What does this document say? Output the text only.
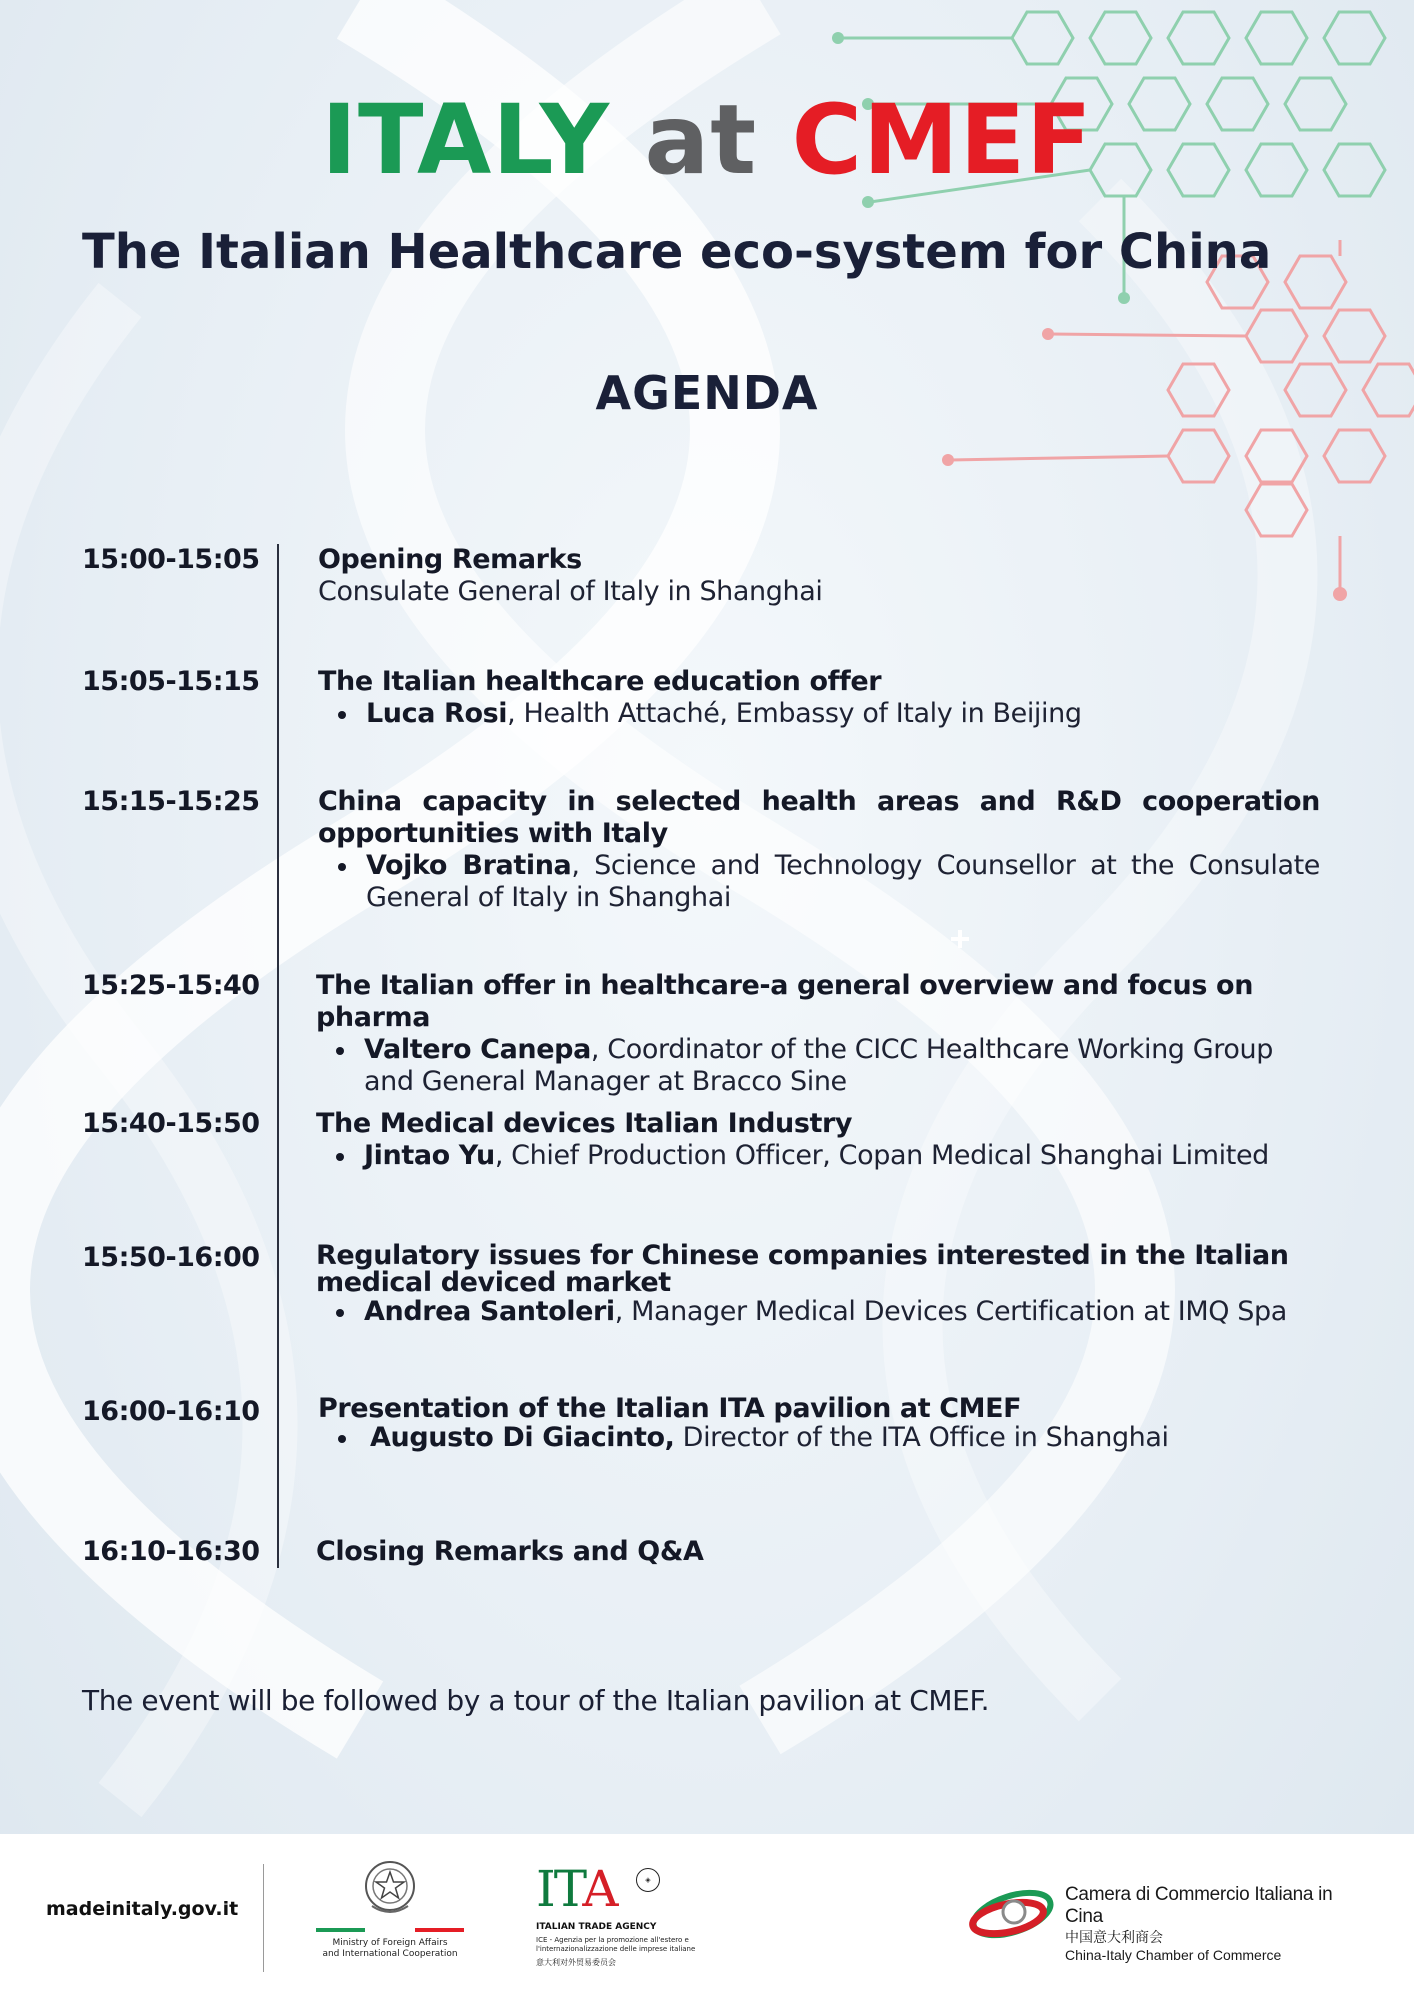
ITALY at CMEF
The Italian Healthcare eco-system for China
AGENDA
15:00-15:05 Opening Remarks
Consulate General of Italy in Shanghai
15:05-15:15 The Italian healthcare education offer
Luca Rosi, Health Attaché, Embassy of Italy in Beijing
15:15-15:25 China capacity in selected health areas and R&D cooperation opportunities with Italy
Vojko Bratina, Science and Technology Counsellor at the Consulate General of Italy in Shanghai
15:25-15:40 The Italian offer in healthcare-a general overview and focus on pharma
Valtero Canepa, Coordinator of the CICC Healthcare Working Group and General Manager at Bracco Sine
15:40-15:50 The Medical devices Italian Industry
Jintao Yu, Chief Production Officer, Copan Medical Shanghai Limited
15:50-16:00 Regulatory issues for Chinese companies interested in the Italian medical deviced market
Andrea Santoleri, Manager Medical Devices Certification at IMQ Spa
16:00-16:10 Presentation of the Italian ITA pavilion at CMEF
Augusto Di Giacinto, Director of the ITA Office in Shanghai
16:10-16:30 Closing Remarks and Q&A
The event will be followed by a tour of the Italian pavilion at CMEF.
madeinitaly.gov.it
Ministry of Foreign Affairs
and International Cooperation
ITA	◈
ITALIAN TRADE AGENCY
ICE - Agenzia per la promozione all'estero e l'internazionalizzazione delle imprese italiane
意大利对外贸易委员会
Camera di Commercio Italiana in Cina
中国意大利商会
China-Italy Chamber of Commerce
